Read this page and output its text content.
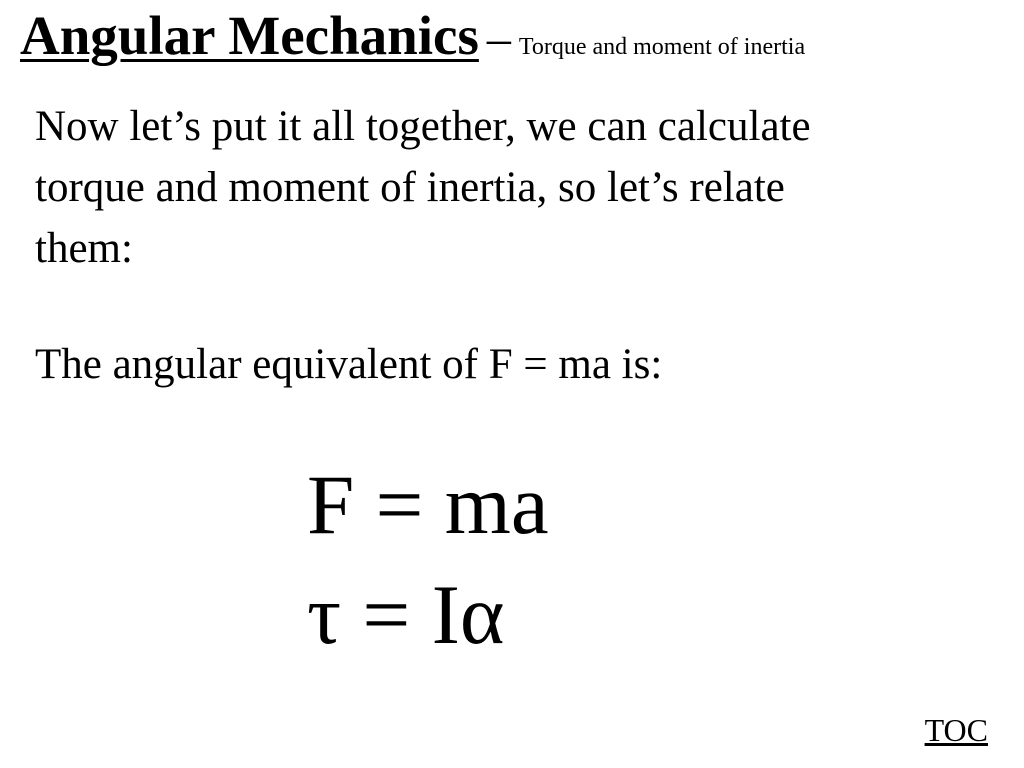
Angular Mechanics – Torque and moment of inertia
Now let’s put it all together, we can calculate
torque and moment of inertia, so let’s relate
them:
The angular equivalent of F = ma is:
F = ma
τ = Iα
TOC
